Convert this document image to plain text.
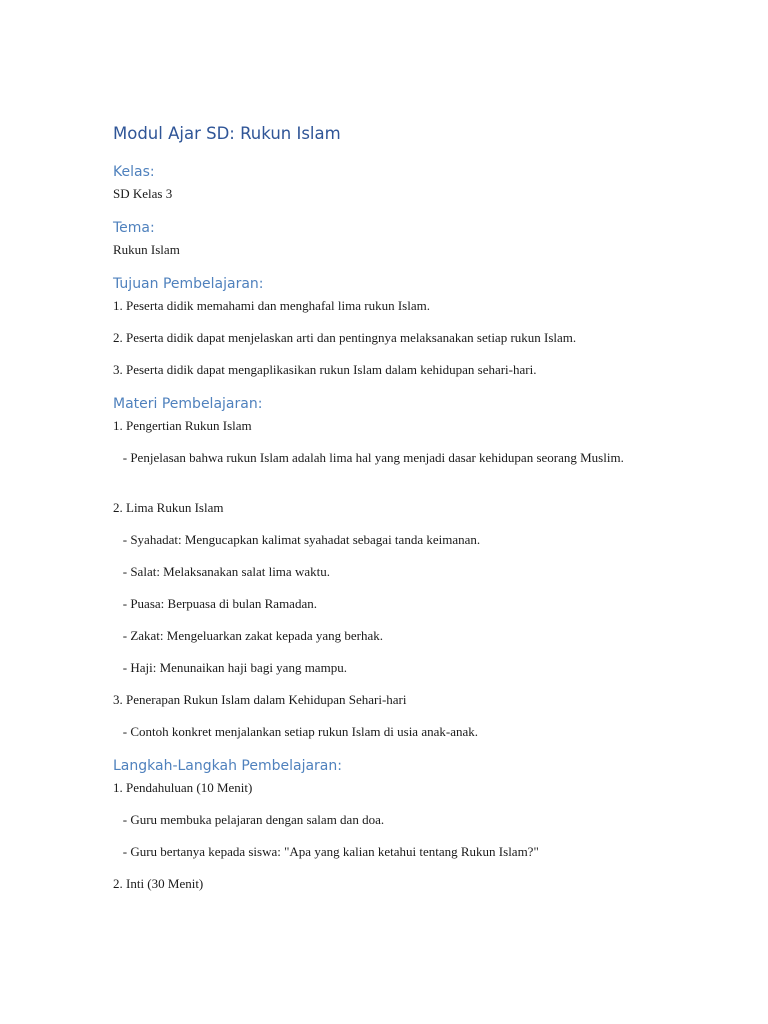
Modul Ajar SD: Rukun Islam
Kelas:

SD Kelas 3

Tema:

Rukun Islam

Tujuan Pembelajaran:

1. Peserta didik memahami dan menghafal lima rukun Islam.

2. Peserta didik dapat menjelaskan arti dan pentingnya melaksanakan setiap rukun Islam.

3. Peserta didik dapat mengaplikasikan rukun Islam dalam kehidupan sehari-hari.

Materi Pembelajaran:

1. Pengertian Rukun Islam

- Penjelasan bahwa rukun Islam adalah lima hal yang menjadi dasar kehidupan seorang Muslim.

2. Lima Rukun Islam

- Syahadat: Mengucapkan kalimat syahadat sebagai tanda keimanan.

- Salat: Melaksanakan salat lima waktu.

- Puasa: Berpuasa di bulan Ramadan.

- Zakat: Mengeluarkan zakat kepada yang berhak.

- Haji: Menunaikan haji bagi yang mampu.

3. Penerapan Rukun Islam dalam Kehidupan Sehari-hari

- Contoh konkret menjalankan setiap rukun Islam di usia anak-anak.

Langkah-Langkah Pembelajaran:

1. Pendahuluan (10 Menit)

- Guru membuka pelajaran dengan salam dan doa.

- Guru bertanya kepada siswa: "Apa yang kalian ketahui tentang Rukun Islam?"

2. Inti (30 Menit)
